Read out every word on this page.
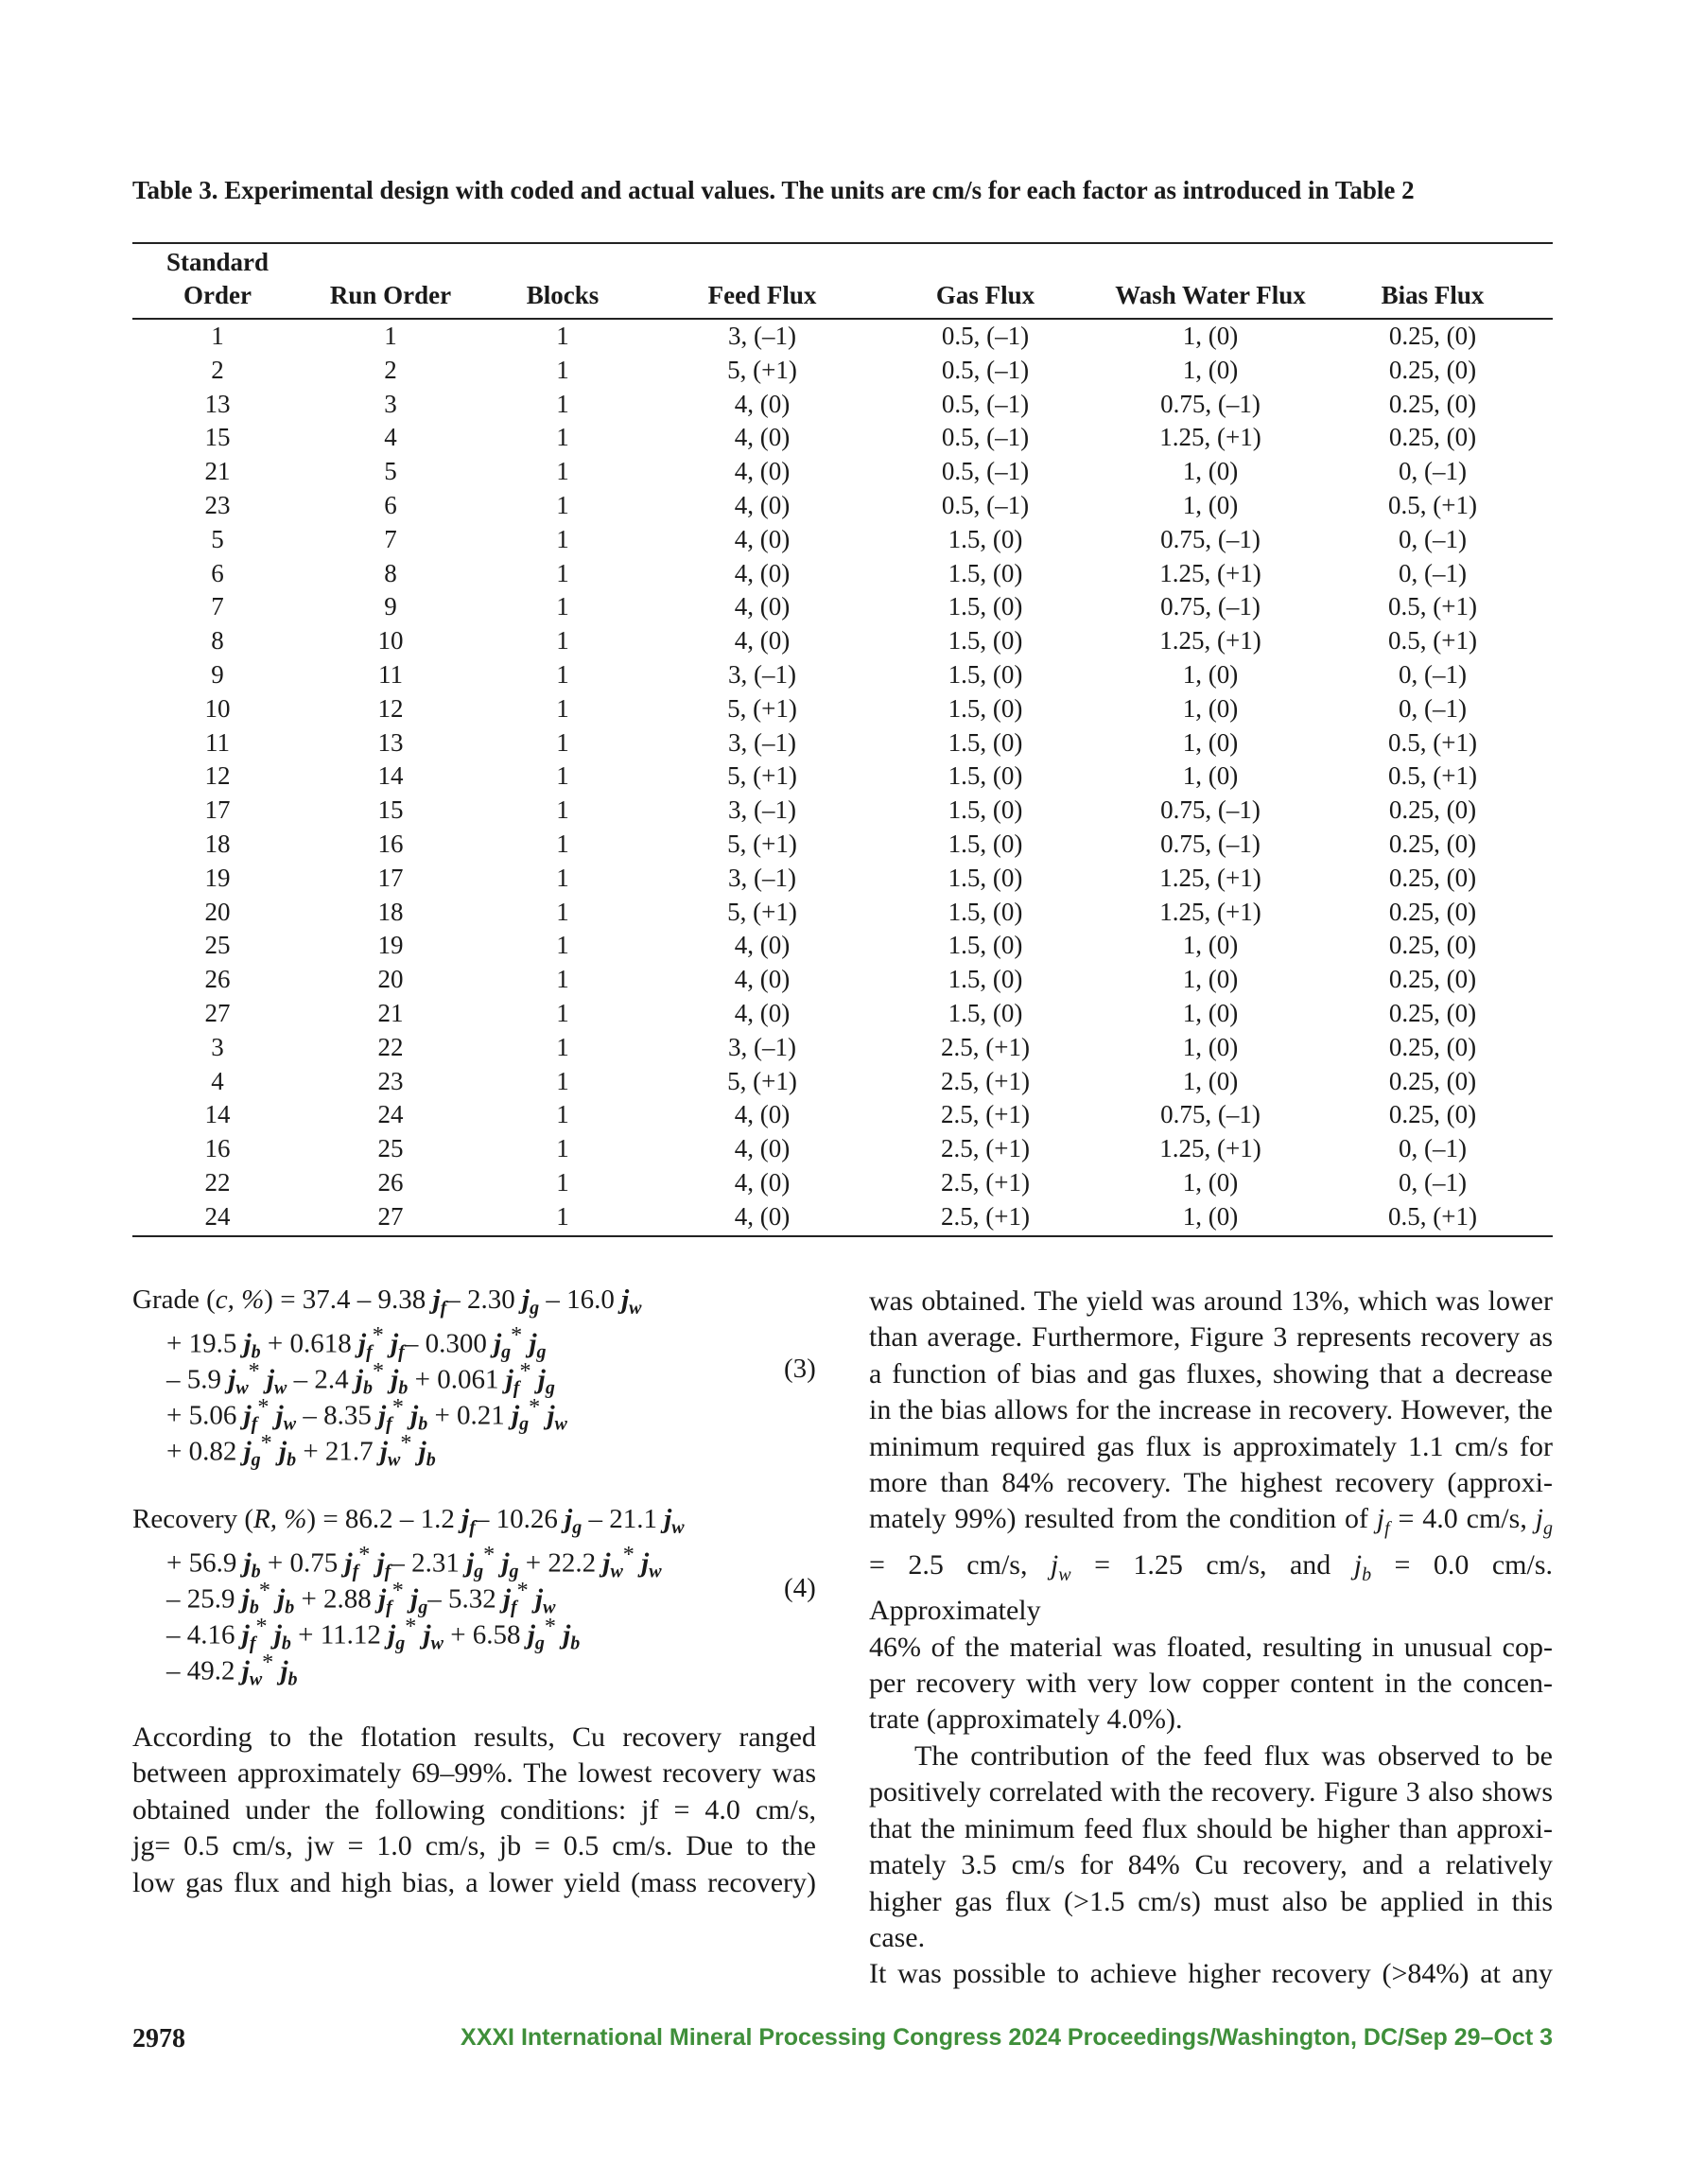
Table 3. Experimental design with coded and actual values. The units are cm/s for each factor as introduced in Table 2
Standard
Order	Run Order	Blocks	Feed Flux	Gas Flux	Wash Water Flux	Bias Flux
1	1	1	3, (–1)	0.5, (–1)	1, (0)	0.25, (0)
2	2	1	5, (+1)	0.5, (–1)	1, (0)	0.25, (0)
13	3	1	4, (0)	0.5, (–1)	0.75, (–1)	0.25, (0)
15	4	1	4, (0)	0.5, (–1)	1.25, (+1)	0.25, (0)
21	5	1	4, (0)	0.5, (–1)	1, (0)	0, (–1)
23	6	1	4, (0)	0.5, (–1)	1, (0)	0.5, (+1)
5	7	1	4, (0)	1.5, (0)	0.75, (–1)	0, (–1)
6	8	1	4, (0)	1.5, (0)	1.25, (+1)	0, (–1)
7	9	1	4, (0)	1.5, (0)	0.75, (–1)	0.5, (+1)
8	10	1	4, (0)	1.5, (0)	1.25, (+1)	0.5, (+1)
9	11	1	3, (–1)	1.5, (0)	1, (0)	0, (–1)
10	12	1	5, (+1)	1.5, (0)	1, (0)	0, (–1)
11	13	1	3, (–1)	1.5, (0)	1, (0)	0.5, (+1)
12	14	1	5, (+1)	1.5, (0)	1, (0)	0.5, (+1)
17	15	1	3, (–1)	1.5, (0)	0.75, (–1)	0.25, (0)
18	16	1	5, (+1)	1.5, (0)	0.75, (–1)	0.25, (0)
19	17	1	3, (–1)	1.5, (0)	1.25, (+1)	0.25, (0)
20	18	1	5, (+1)	1.5, (0)	1.25, (+1)	0.25, (0)
25	19	1	4, (0)	1.5, (0)	1, (0)	0.25, (0)
26	20	1	4, (0)	1.5, (0)	1, (0)	0.25, (0)
27	21	1	4, (0)	1.5, (0)	1, (0)	0.25, (0)
3	22	1	3, (–1)	2.5, (+1)	1, (0)	0.25, (0)
4	23	1	5, (+1)	2.5, (+1)	1, (0)	0.25, (0)
14	24	1	4, (0)	2.5, (+1)	0.75, (–1)	0.25, (0)
16	25	1	4, (0)	2.5, (+1)	1.25, (+1)	0, (–1)
22	26	1	4, (0)	2.5, (+1)	1, (0)	0, (–1)
24	27	1	4, (0)	2.5, (+1)	1, (0)	0.5, (+1)
Grade (c, %) = 37.4 – 9.38 $j_f-$ 2.30 $j_g - 16.0$ $j_w$
+ 19.5 $j_b + 0.618$ $j_f^*$ $j_f-$ 0.300 $j_g^*$ $j_g$
– 5.9 $j_w^*$ $j_w - 2.4$ $j_b^*$ $j_b + 0.061$ $j_f^*$ $j_g$
+ 5.06 $j_f^*$ $j_w - 8.35$ $j_f^*$ $j_b + 0.21$ $j_g^*$ $j_w$
+ 0.82 $j_g^*$ $j_b + 21.7$ $j_w^*$ $j_b$
(3)
Recovery (R, %) = 86.2 – 1.2 $j_f-$ 10.26 $j_g - 21.1$ $j_w$
+ 56.9 $j_b + 0.75$ $j_f^*$ $j_f-$ 2.31 $j_g^*$ $j_g + 22.2$ $j_w^*$ $j_w$
– 25.9 $j_b^*$ $j_b + 2.88$ $j_f^*$ $j_g-$ 5.32 $j_f^*$ $j_w$
– 4.16 $j_f^*$ $j_b + 11.12$ $j_g^*$ $j_w + 6.58$ $j_g^*$ $j_b$
– 49.2 $j_w^*$ $j_b$
(4)

According to the flotation results, Cu recovery ranged

between approximately 69–99%. The lowest recovery was

obtained under the following conditions: jf = 4.0 cm/s,

jg= 0.5 cm/s, jw = 1.0 cm/s, jb = 0.5 cm/s. Due to the

low gas flux and high bias, a lower yield (mass recovery)

was obtained. The yield was around 13%, which was lower

than average. Furthermore, Figure 3 represents recovery as

a function of bias and gas fluxes, showing that a decrease

in the bias allows for the increase in recovery. However, the

minimum required gas flux is approximately 1.1 cm/s for

more than 84% recovery. The highest recovery (approxi-

mately 99%) resulted from the condition of $j_f = 4.0$ cm/s, $j_g$

= 2.5 cm/s, $j_w = 1.25$ cm/s, and $j_b = 0.0$ cm/s. Approximately

46% of the material was floated, resulting in unusual cop-

per recovery with very low copper content in the concen-

trate (approximately 4.0%).

The contribution of the feed flux was observed to be

positively correlated with the recovery. Figure 3 also shows

that the minimum feed flux should be higher than approxi-

mately 3.5 cm/s for 84% Cu recovery, and a relatively

higher gas flux (>1.5 cm/s) must also be applied in this case.

It was possible to achieve higher recovery (>84%) at any

2978	XXXI International Mineral Processing Congress 2024 Proceedings/Washington, DC/Sep 29–Oct 3
